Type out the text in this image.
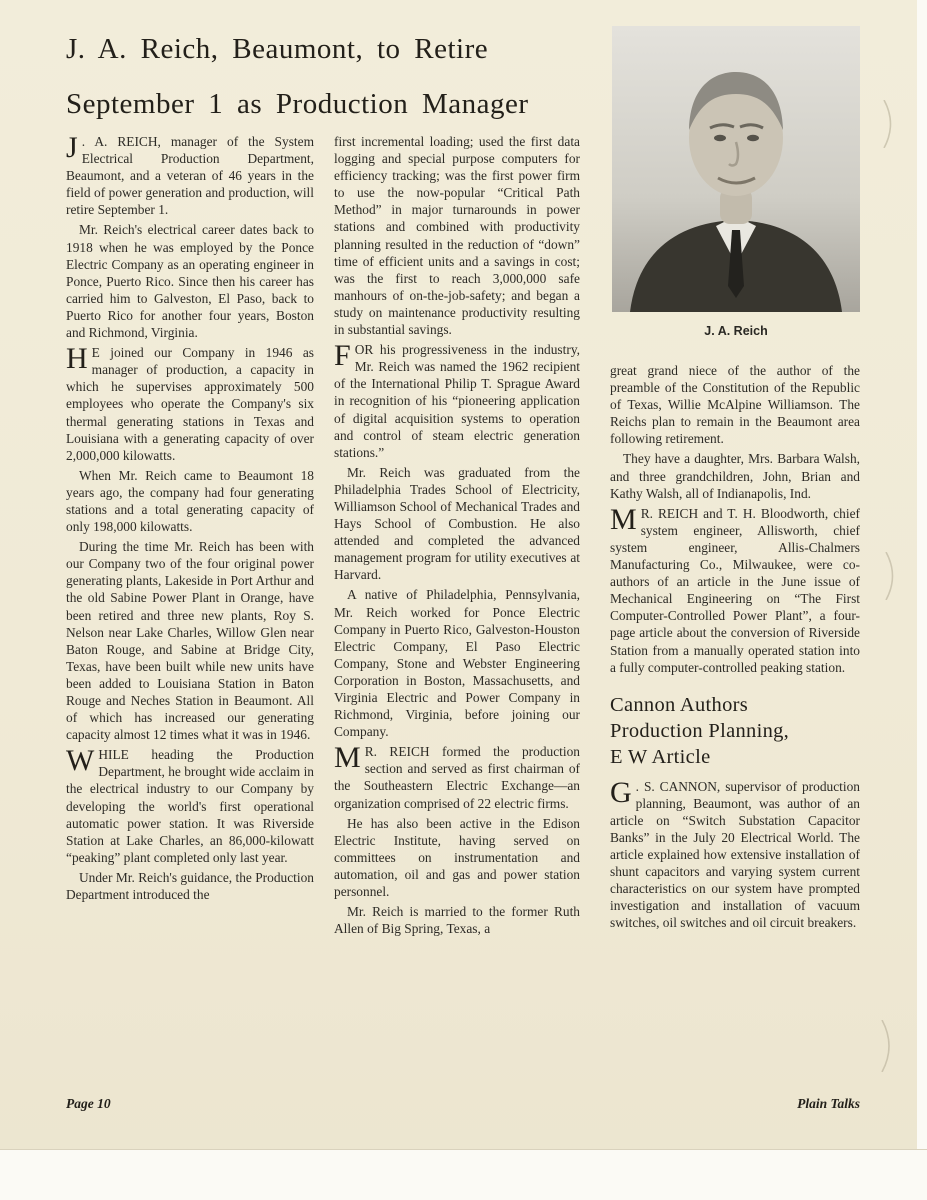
J. A. Reich, Beaumont, to Retire
September 1 as Production Manager
J. A. Reich

J . A. REICH, manager of the System Electrical Production Department, Beaumont, and a veteran of 46 years in the field of power generation and production, will retire September 1.

Mr. Reich's electrical career dates back to 1918 when he was employed by the Ponce Electric Company as an operating engineer in Ponce, Puerto Rico. Since then his career has carried him to Galveston, El Paso, back to Puerto Rico for another four years, Boston and Richmond, Virginia.

H E joined our Company in 1946 as manager of production, a capacity in which he supervises approximately 500 employees who operate the Company's six thermal generating stations in Texas and Louisiana with a generating capacity of over 2,000,000 kilowatts.

When Mr. Reich came to Beaumont 18 years ago, the company had four generating stations and a total generating capacity of only 198,000 kilowatts.

During the time Mr. Reich has been with our Company two of the four original power generating plants, Lakeside in Port Arthur and the old Sabine Power Plant in Orange, have been retired and three new plants, Roy S. Nelson near Lake Charles, Willow Glen near Baton Rouge, and Sabine at Bridge City, Texas, have been built while new units have been added to Louisiana Station in Baton Rouge and Neches Station in Beaumont. All of which has increased our generating capacity almost 12 times what it was in 1946.

WHILE heading the Production Department, he brought wide acclaim in the electrical industry to our Company by developing the world's first operational automatic power station. It was Riverside Station at Lake Charles, an 86,000-kilowatt “peaking” plant completed only last year.

Under Mr. Reich's guidance, the Production Department introduced the

first incremental loading; used the first data logging and special purpose computers for efficiency tracking; was the first power firm to use the now-popular “Critical Path Method” in major turnarounds in power stations and combined with productivity planning resulted in the reduction of “down” time of efficient units and a savings in cost; was the first to reach 3,000,000 safe manhours of on-the-job-safety; and began a study on maintenance productivity resulting in substantial savings.

FOR his progressiveness in the industry, Mr. Reich was named the 1962 recipient of the International Philip T. Sprague Award in recognition of his “pioneering application of digital acquisition systems to operation and control of steam electric generation stations.”

Mr. Reich was graduated from the Philadelphia Trades School of Electricity, Williamson School of Mechanical Trades and Hays School of Combustion. He also attended and completed the advanced management program for utility executives at Harvard.

A native of Philadelphia, Pennsylvania, Mr. Reich worked for Ponce Electric Company in Puerto Rico, Galveston-Houston Electric Company, El Paso Electric Company, Stone and Webster Engineering Corporation in Boston, Massachusetts, and Virginia Electric and Power Company in Richmond, Virginia, before joining our Company.

M R. REICH formed the production section and served as first chairman of the Southeastern Electric Exchange—an organization comprised of 22 electric firms.

He has also been active in the Edison Electric Institute, having served on committees on instrumentation and automation, oil and gas and power station personnel.

Mr. Reich is married to the former Ruth Allen of Big Spring, Texas, a

great grand niece of the author of the preamble of the Constitution of the Republic of Texas, Willie McAlpine Williamson. The Reichs plan to remain in the Beaumont area following retirement.

They have a daughter, Mrs. Barbara Walsh, and three grandchildren, John, Brian and Kathy Walsh, all of Indianapolis, Ind.

M R. REICH and T. H. Bloodworth, chief system engineer, Allisworth, chief system engineer, Allis-Chalmers Manufacturing Co., Milwaukee, were co-authors of an article in the June issue of Mechanical Engineering on “The First Computer-Controlled Power Plant”, a four-page article about the conversion of Riverside Station from a manually operated station into a fully computer-controlled peaking station.

Cannon Authors
Production Planning,
E W Article

G . S. CANNON, supervisor of production planning, Beaumont, was author of an article on “Switch Substation Capacitor Banks” in the July 20 Electrical World. The article explained how extensive installation of shunt capacitors and varying system current characteristics on our system have prompted investigation and installation of vacuum switches, oil switches and oil circuit breakers.

Page 10	Plain Talks
